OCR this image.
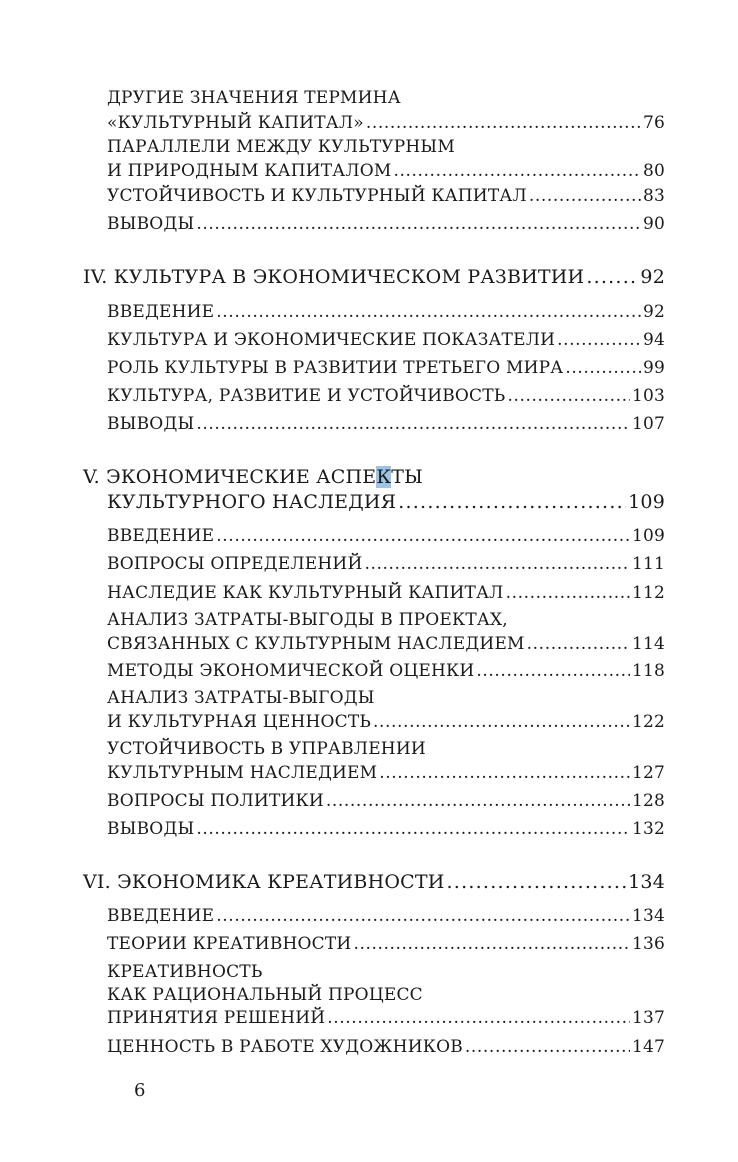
ДРУГИЕ ЗНАЧЕНИЯ ТЕРМИНА
«КУЛЬТУРНЫЙ КАПИТАЛ» . . .	76
ПАРАЛЛЕЛИ МЕЖДУ КУЛЬТУРНЫМ
И ПРИРОДНЫМ КАПИТАЛОМ . . .	80
УСТОЙЧИВОСТЬ И КУЛЬТУРНЫЙ КАПИТАЛ . . .	83
ВЫВОДЫ . . .	90
IV. КУЛЬТУРА В ЭКОНОМИЧЕСКОМ РАЗВИТИИ . . .	92
ВВЕДЕНИЕ . . .	92
КУЛЬТУРА И ЭКОНОМИЧЕСКИЕ ПОКАЗАТЕЛИ . . .	94
РОЛЬ КУЛЬТУРЫ В РАЗВИТИИ ТРЕТЬЕГО МИРА . . .	99
КУЛЬТУРА, РАЗВИТИЕ И УСТОЙЧИВОСТЬ . . .	103
ВЫВОДЫ . . .	107
V. ЭКОНОМИЧЕСКИЕ АСПЕКТЫ
КУЛЬТУРНОГО НАСЛЕДИЯ . . .	109
ВВЕДЕНИЕ . . .	109
ВОПРОСЫ ОПРЕДЕЛЕНИЙ . . .	111
НАСЛЕДИЕ КАК КУЛЬТУРНЫЙ КАПИТАЛ . . .	112
АНАЛИЗ ЗАТРАТЫ-ВЫГОДЫ В ПРОЕКТАХ,
СВЯЗАННЫХ С КУЛЬТУРНЫМ НАСЛЕДИЕМ . . .	114
МЕТОДЫ ЭКОНОМИЧЕСКОЙ ОЦЕНКИ . . .	118
АНАЛИЗ ЗАТРАТЫ-ВЫГОДЫ
И КУЛЬТУРНАЯ ЦЕННОСТЬ . . .	122
УСТОЙЧИВОСТЬ В УПРАВЛЕНИИ
КУЛЬТУРНЫМ НАСЛЕДИЕМ . . .	127
ВОПРОСЫ ПОЛИТИКИ . . .	128
ВЫВОДЫ . . .	132
VI. ЭКОНОМИКА КРЕАТИВНОСТИ . . .	134
ВВЕДЕНИЕ . . .	134
ТЕОРИИ КРЕАТИВНОСТИ . . .	136
КРЕАТИВНОСТЬ
КАК РАЦИОНАЛЬНЫЙ ПРОЦЕСС
ПРИНЯТИЯ РЕШЕНИЙ . . .	137
ЦЕННОСТЬ В РАБОТЕ ХУДОЖНИКОВ . . .	147
6
